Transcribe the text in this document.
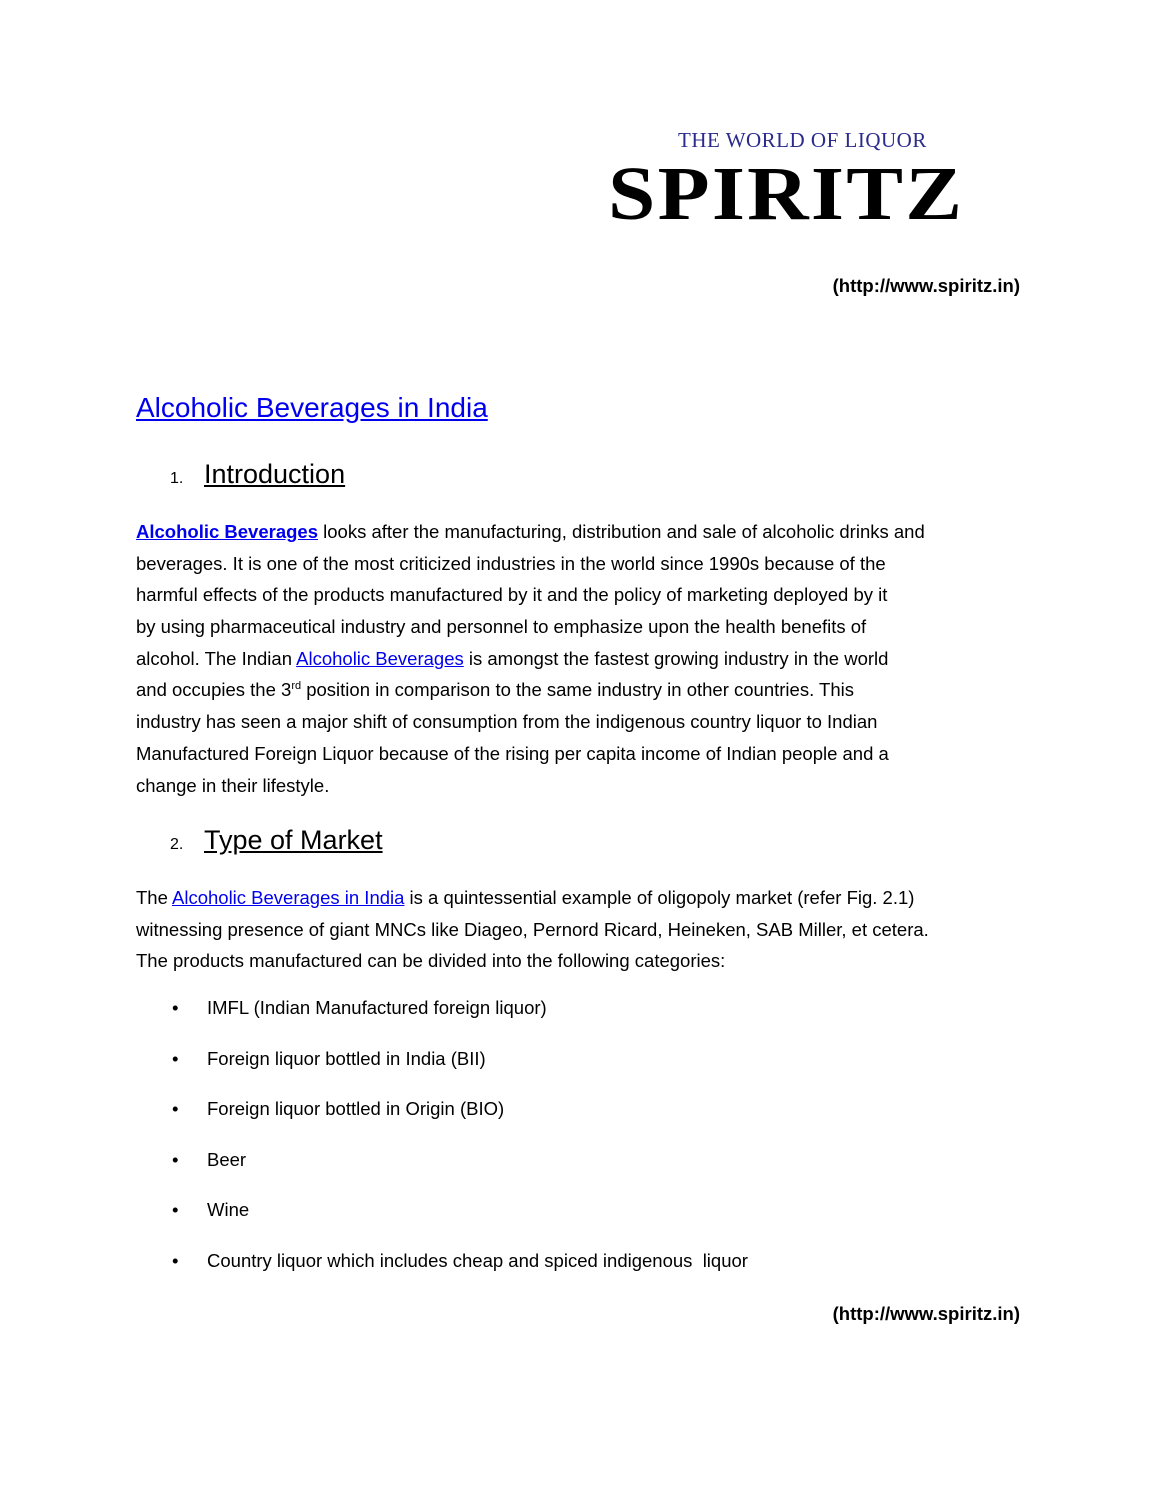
THE WORLD OF LIQUOR
SPIRITZ
(http://www.spiritz.in)
Alcoholic Beverages in India
1. Introduction
Alcoholic Beverages looks after the manufacturing, distribution and sale of alcoholic drinks and
beverages. It is one of the most criticized industries in the world since 1990s because of the
harmful effects of the products manufactured by it and the policy of marketing deployed by it
by using pharmaceutical industry and personnel to emphasize upon the health benefits of
alcohol. The Indian Alcoholic Beverages is amongst the fastest growing industry in the world
and occupies the 3rd position in comparison to the same industry in other countries. This
industry has seen a major shift of consumption from the indigenous country liquor to Indian
Manufactured Foreign Liquor because of the rising per capita income of Indian people and a
change in their lifestyle.
2. Type of Market
The Alcoholic Beverages in India is a quintessential example of oligopoly market (refer Fig. 2.1)
witnessing presence of giant MNCs like Diageo, Pernord Ricard, Heineken, SAB Miller, et cetera.
The products manufactured can be divided into the following categories:
• IMFL (Indian Manufactured foreign liquor)
• Foreign liquor bottled in India (BII)
• Foreign liquor bottled in Origin (BIO)
• Beer
• Wine
• Country liquor which includes cheap and spiced indigenous  liquor
(http://www.spiritz.in)
